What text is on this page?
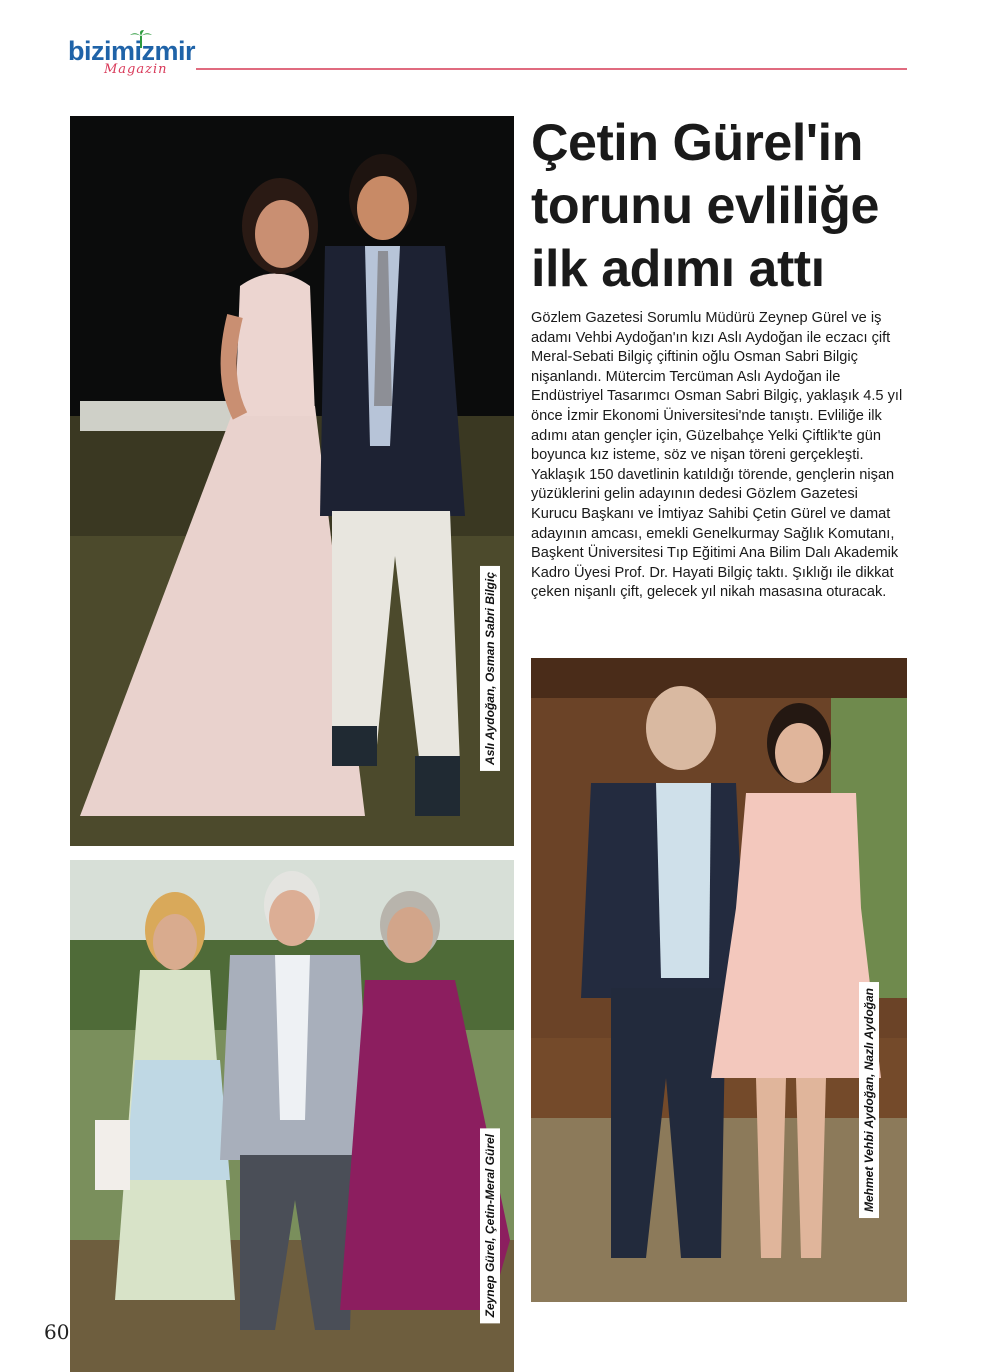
bizimizmir
Magazin
Aslı Aydoğan, Osman Sabri Bilgiç
Çetin Gürel'in torunu evliliğe ilk adımı attı

Gözlem Gazetesi Sorumlu Müdürü Zeynep Gürel ve iş adamı Vehbi Aydoğan'ın kızı Aslı Aydoğan ile eczacı çift Meral-Sebati Bilgiç çiftinin oğlu Osman Sabri Bilgiç nişanlandı. Mütercim Tercüman Aslı Aydoğan ile Endüstriyel Tasarımcı Osman Sabri Bilgiç, yaklaşık 4.5 yıl önce İzmir Ekonomi Üniversitesi'nde tanıştı. Evliliğe ilk adımı atan gençler için, Güzelbahçe Yelki Çiftlik'te gün boyunca kız isteme, söz ve nişan töreni gerçekleşti. Yaklaşık 150 davetlinin katıldığı törende, gençlerin nişan yüzüklerini gelin adayının dedesi Gözlem Gazetesi Kurucu Başkanı ve İmtiyaz Sahibi Çetin Gürel ve damat adayının amcası, emekli Genelkurmay Sağlık Komutanı, Başkent Üniversitesi Tıp Eğitimi Ana Bilim Dalı Akademik Kadro Üyesi Prof. Dr. Hayati Bilgiç taktı. Şıklığı ile dikkat çeken nişanlı çift, gelecek yıl nikah masasına oturacak.

Mehmet Vehbi Aydoğan, Nazlı Aydoğan
Zeynep Gürel, Çetin-Meral Gürel
60
